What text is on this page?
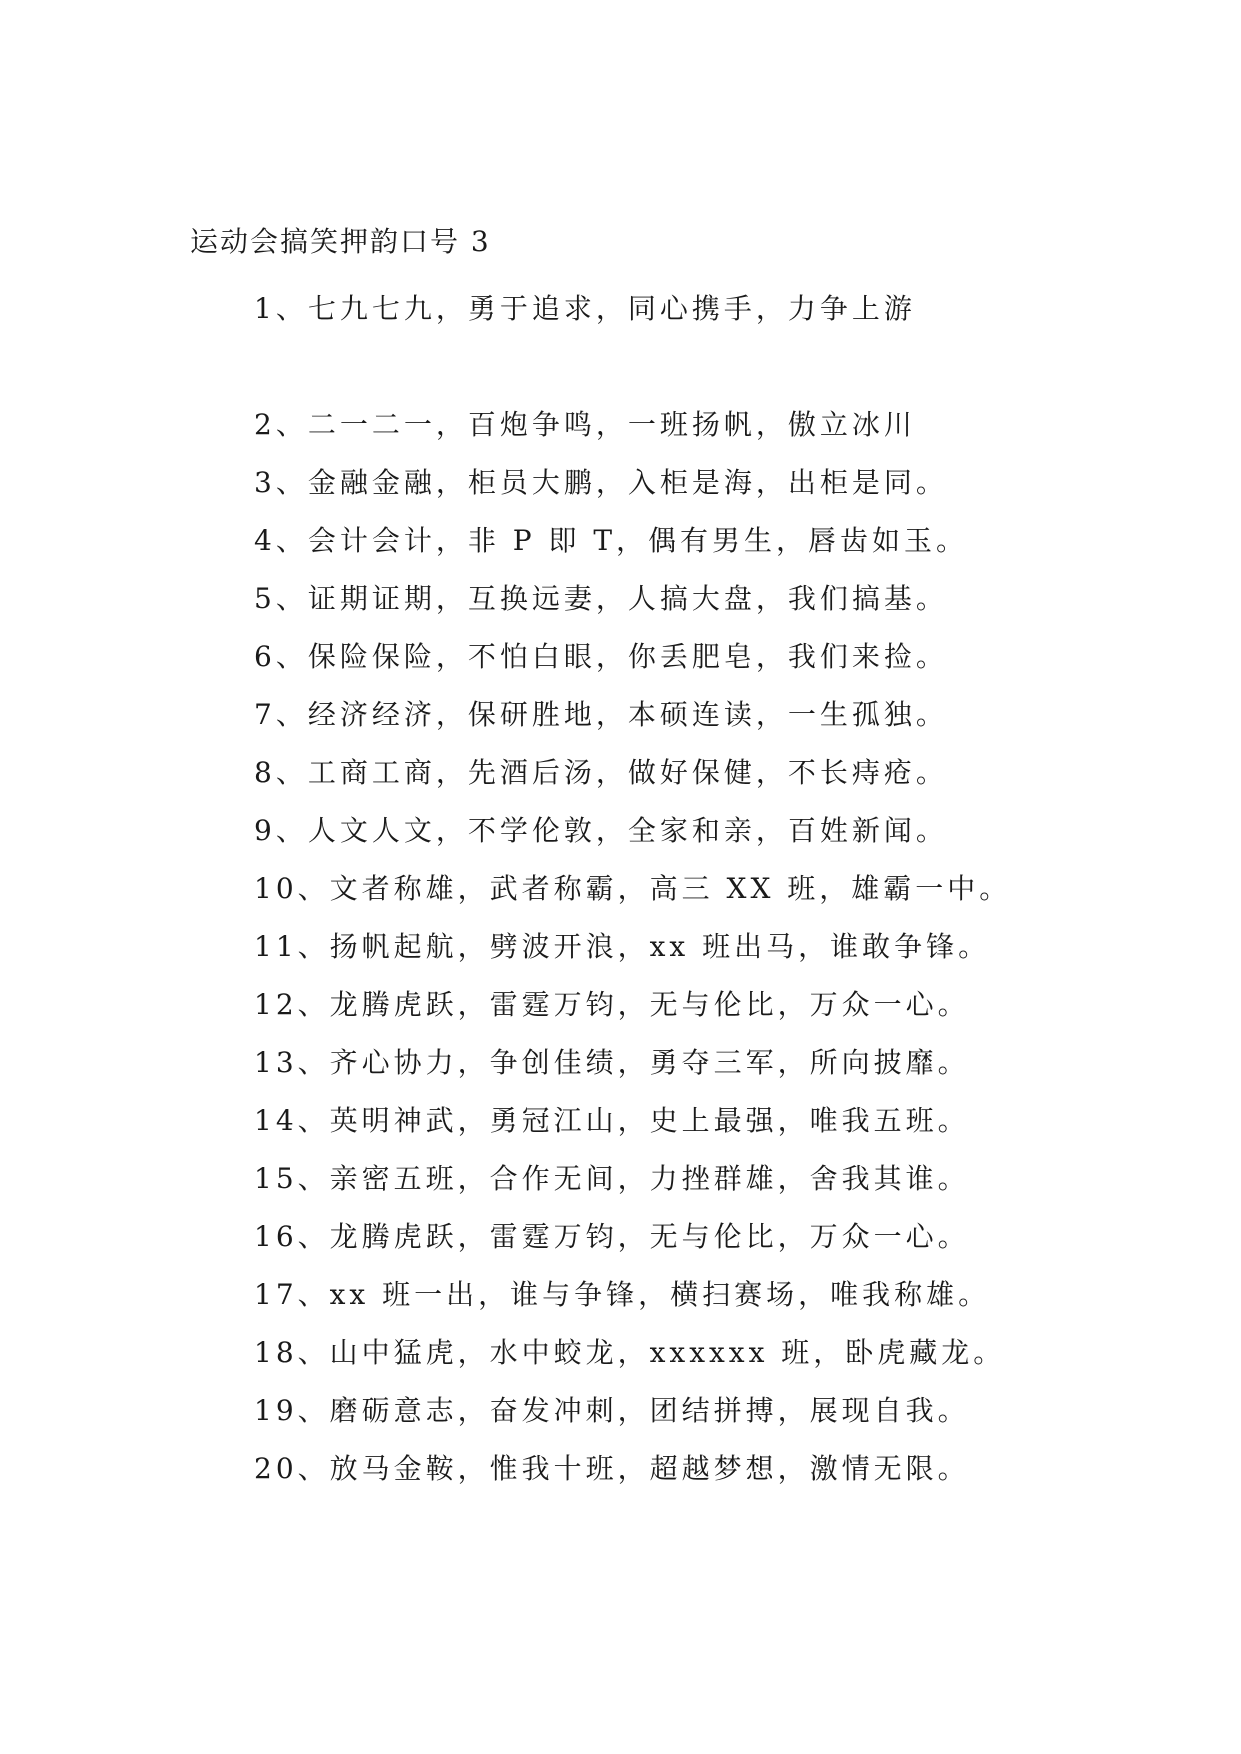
运动会搞笑押韵口号 3
1、七九七九，勇于追求，同心携手，力争上游
2、二一二一，百炮争鸣，一班扬帆，傲立冰川
3、金融金融，柜员大鹏，入柜是海，出柜是同。
4、会计会计，非 P 即 T，偶有男生，唇齿如玉。
5、证期证期，互换远妻，人搞大盘，我们搞基。
6、保险保险，不怕白眼，你丢肥皂，我们来捡。
7、经济经济，保研胜地，本硕连读，一生孤独。
8、工商工商，先酒后汤，做好保健，不长痔疮。
9、人文人文，不学伦敦，全家和亲，百姓新闻。
10、文者称雄，武者称霸，高三 XX 班，雄霸一中。
11、扬帆起航，劈波开浪，xx 班出马，谁敢争锋。
12、龙腾虎跃，雷霆万钧，无与伦比，万众一心。
13、齐心协力，争创佳绩，勇夺三军，所向披靡。
14、英明神武，勇冠江山，史上最强，唯我五班。
15、亲密五班，合作无间，力挫群雄，舍我其谁。
16、龙腾虎跃，雷霆万钧，无与伦比，万众一心。
17、xx 班一出，谁与争锋，横扫赛场，唯我称雄。
18、山中猛虎，水中蛟龙，xxxxxx 班，卧虎藏龙。
19、磨砺意志，奋发冲刺，团结拼搏，展现自我。
20、放马金鞍，惟我十班，超越梦想，激情无限。
